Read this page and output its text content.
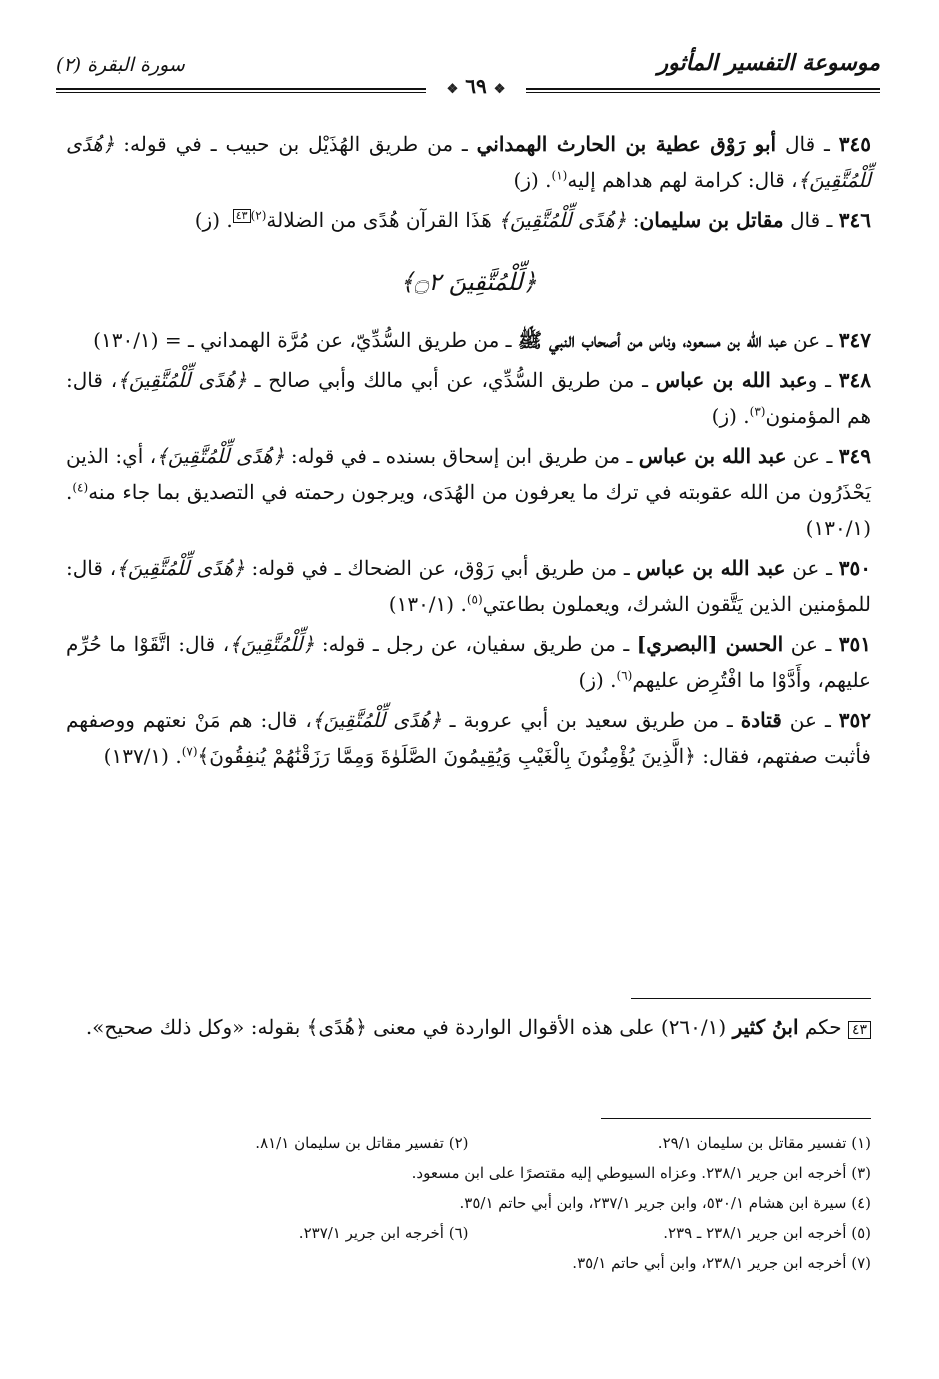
موسوعة التفسير المأثور
سورة البقرة (٢)
❖ ٦٩ ❖

٣٤٥ ـ قال أبو رَوْق عطية بن الحارث الهمداني ـ من طريق الهُذَيْل بن حبيب ـ في قوله: ﴿هُدًى لِّلْمُتَّقِينَ﴾، قال: كرامة لهم هداهم إليه$^{(١)}$. (ز)

٣٤٦ ـ قال مقاتل بن سليمان: ﴿هُدًى لِّلْمُتَّقِينَ﴾ هَذَا القرآن هُدًى من الضلالة$^{(٢)}$٤٣. (ز)

﴿لِّلْمُتَّقِينَ ۝٢﴾

٣٤٧ ـ عن عبد الله بن مسعود، وناس من أصحاب النبي ﷺ ـ من طريق السُّدِّيّ، عن مُرَّة الهمداني ـ = (١٣٠/١)

٣٤٨ ـ وعبد الله بن عباس ـ من طريق السُّدِّي، عن أبي مالك وأبي صالح ـ ﴿هُدًى لِّلْمُتَّقِينَ﴾، قال: هم المؤمنون$^{(٣)}$. (ز)

٣٤٩ ـ عن عبد الله بن عباس ـ من طريق ابن إسحاق بسنده ـ في قوله: ﴿هُدًى لِّلْمُتَّقِينَ﴾، أي: الذين يَحْذَرُون من الله عقوبته في ترك ما يعرفون من الهُدَى، ويرجون رحمته في التصديق بما جاء منه$^{(٤)}$. (١٣٠/١)

٣٥٠ ـ عن عبد الله بن عباس ـ من طريق أبي رَوْق، عن الضحاك ـ في قوله: ﴿هُدًى لِّلْمُتَّقِينَ﴾، قال: للمؤمنين الذين يَتَّقون الشرك، ويعملون بطاعتي$^{(٥)}$. (١٣٠/١)

٣٥١ ـ عن الحسن [البصري] ـ من طريق سفيان، عن رجل ـ قوله: ﴿لِّلْمُتَّقِينَ﴾، قال: اتَّقَوْا ما حُرِّم عليهم، وأَدَّوْا ما افْتُرِض عليهم$^{(٦)}$. (ز)

٣٥٢ ـ عن قتادة ـ من طريق سعيد بن أبي عروبة ـ ﴿هُدًى لِّلْمُتَّقِينَ﴾، قال: هم مَنْ نعتهم ووصفهم فأثبت صفتهم، فقال: ﴿الَّذِينَ يُؤْمِنُونَ بِالْغَيْبِ وَيُقِيمُونَ الصَّلَوٰةَ وَمِمَّا رَزَقْنَٰهُمْ يُنفِقُونَ﴾$^{(٧)}$. (١٣٧/١)

٤٣ حكم ابنُ كثير (٢٦٠/١) على هذه الأقوال الواردة في معنى ﴿هُدًى﴾ بقوله: «وكل ذلك صحيح».
(١) تفسير مقاتل بن سليمان ٢٩/١.
(٢) تفسير مقاتل بن سليمان ٨١/١.
(٣) أخرجه ابن جرير ٢٣٨/١. وعزاه السيوطي إليه مقتصرًا على ابن مسعود.
(٤) سيرة ابن هشام ٥٣٠/١، وابن جرير ٢٣٧/١، وابن أبي حاتم ٣٥/١.
(٥) أخرجه ابن جرير ٢٣٨/١ ـ ٢٣٩.
(٦) أخرجه ابن جرير ٢٣٧/١.
(٧) أخرجه ابن جرير ٢٣٨/١، وابن أبي حاتم ٣٥/١.
